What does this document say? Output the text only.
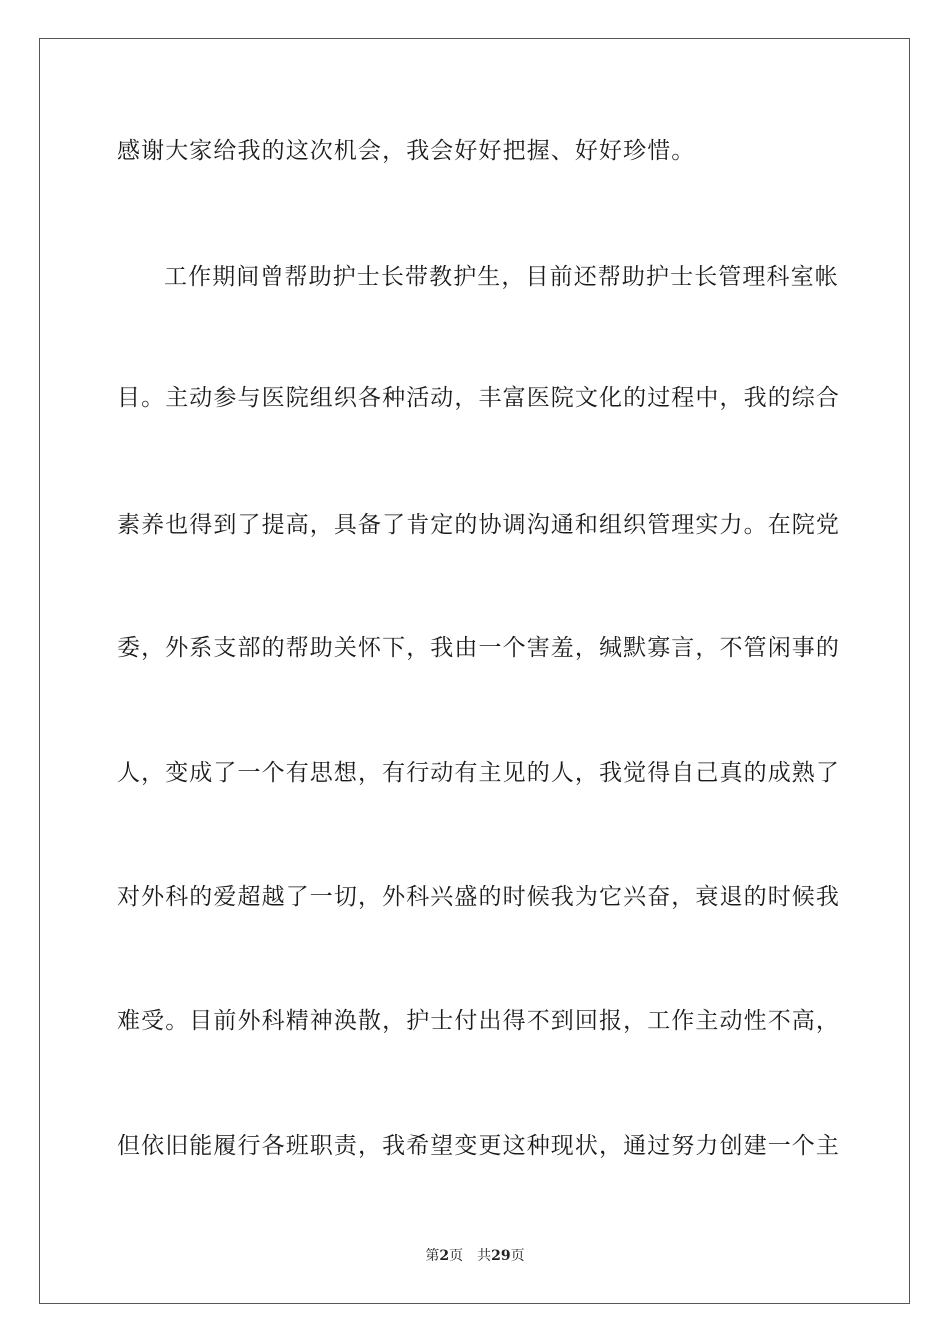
感谢大家给我的这次机会，我会好好把握、好好珍惜。
工作期间曾帮助护士长带教护生，目前还帮助护士长管理科室帐
目。主动参与医院组织各种活动，丰富医院文化的过程中，我的综合
素养也得到了提高，具备了肯定的协调沟通和组织管理实力。在院党
委，外系支部的帮助关怀下，我由一个害羞，缄默寡言，不管闲事的
人，变成了一个有思想，有行动有主见的人，我觉得自己真的成熟了
对外科的爱超越了一切，外科兴盛的时候我为它兴奋，衰退的时候我
难受。目前外科精神涣散，护士付出得不到回报，工作主动性不高，
但依旧能履行各班职责，我希望变更这种现状，通过努力创建一个主
第2页 共29页
